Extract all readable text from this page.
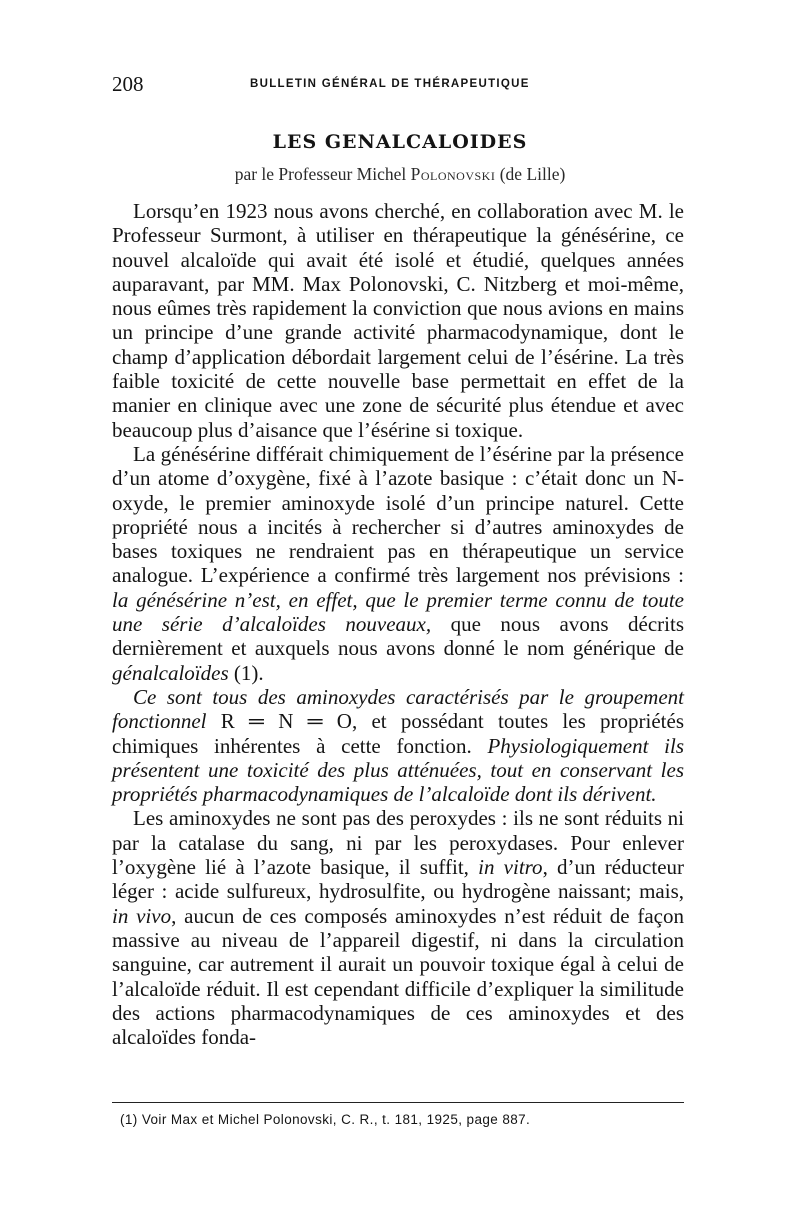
208	BULLETIN GÉNÉRAL DE THÉRAPEUTIQUE
LES GENALCALOIDES
par le Professeur Michel Polonovski (de Lille)

Lorsqu’en 1923 nous avons cherché, en collaboration avec M. le Professeur Surmont, à utiliser en thérapeutique la génésérine, ce nouvel alcaloïde qui avait été isolé et étudié, quelques années auparavant, par MM. Max Polonovski, C. Nitzberg et moi-même, nous eûmes très rapidement la conviction que nous avions en mains un principe d’une grande activité pharmacodynamique, dont le champ d’application débordait largement celui de l’ésérine. La très faible toxicité de cette nouvelle base permettait en effet de la manier en clinique avec une zone de sécurité plus étendue et avec beaucoup plus d’aisance que l’ésérine si toxique.

La génésérine différait chimiquement de l’ésérine par la présence d’un atome d’oxygène, fixé à l’azote basique : c’était donc un N-oxyde, le premier aminoxyde isolé d’un principe naturel. Cette propriété nous a incités à rechercher si d’autres aminoxydes de bases toxiques ne rendraient pas en thérapeutique un service analogue. L’expérience a confirmé très largement nos prévisions : la génésérine n’est, en effet, que le premier terme connu de toute une série d’alcaloïdes nouveaux, que nous avons décrits dernièrement et auxquels nous avons donné le nom générique de génalcaloïdes (1).

Ce sont tous des aminoxydes caractérisés par le groupement fonctionnel R ═ N ═ O, et possédant toutes les propriétés chimiques inhérentes à cette fonction. Physiologiquement ils présentent une toxicité des plus atténuées, tout en conservant les propriétés pharmacodynamiques de l’alcaloïde dont ils dérivent.

Les aminoxydes ne sont pas des peroxydes : ils ne sont réduits ni par la catalase du sang, ni par les peroxydases. Pour enlever l’oxygène lié à l’azote basique, il suffit, in vitro, d’un réducteur léger : acide sulfureux, hydrosulfite, ou hydrogène naissant; mais, in vivo, aucun de ces composés aminoxydes n’est réduit de façon massive au niveau de l’appareil digestif, ni dans la circulation sanguine, car autrement il aurait un pouvoir toxique égal à celui de l’alcaloïde réduit. Il est cependant difficile d’expliquer la similitude des actions pharmacodynamiques de ces aminoxydes et des alcaloïdes fonda-

(1) Voir Max et Michel Polonovski, C. R., t. 181, 1925, page 887.
